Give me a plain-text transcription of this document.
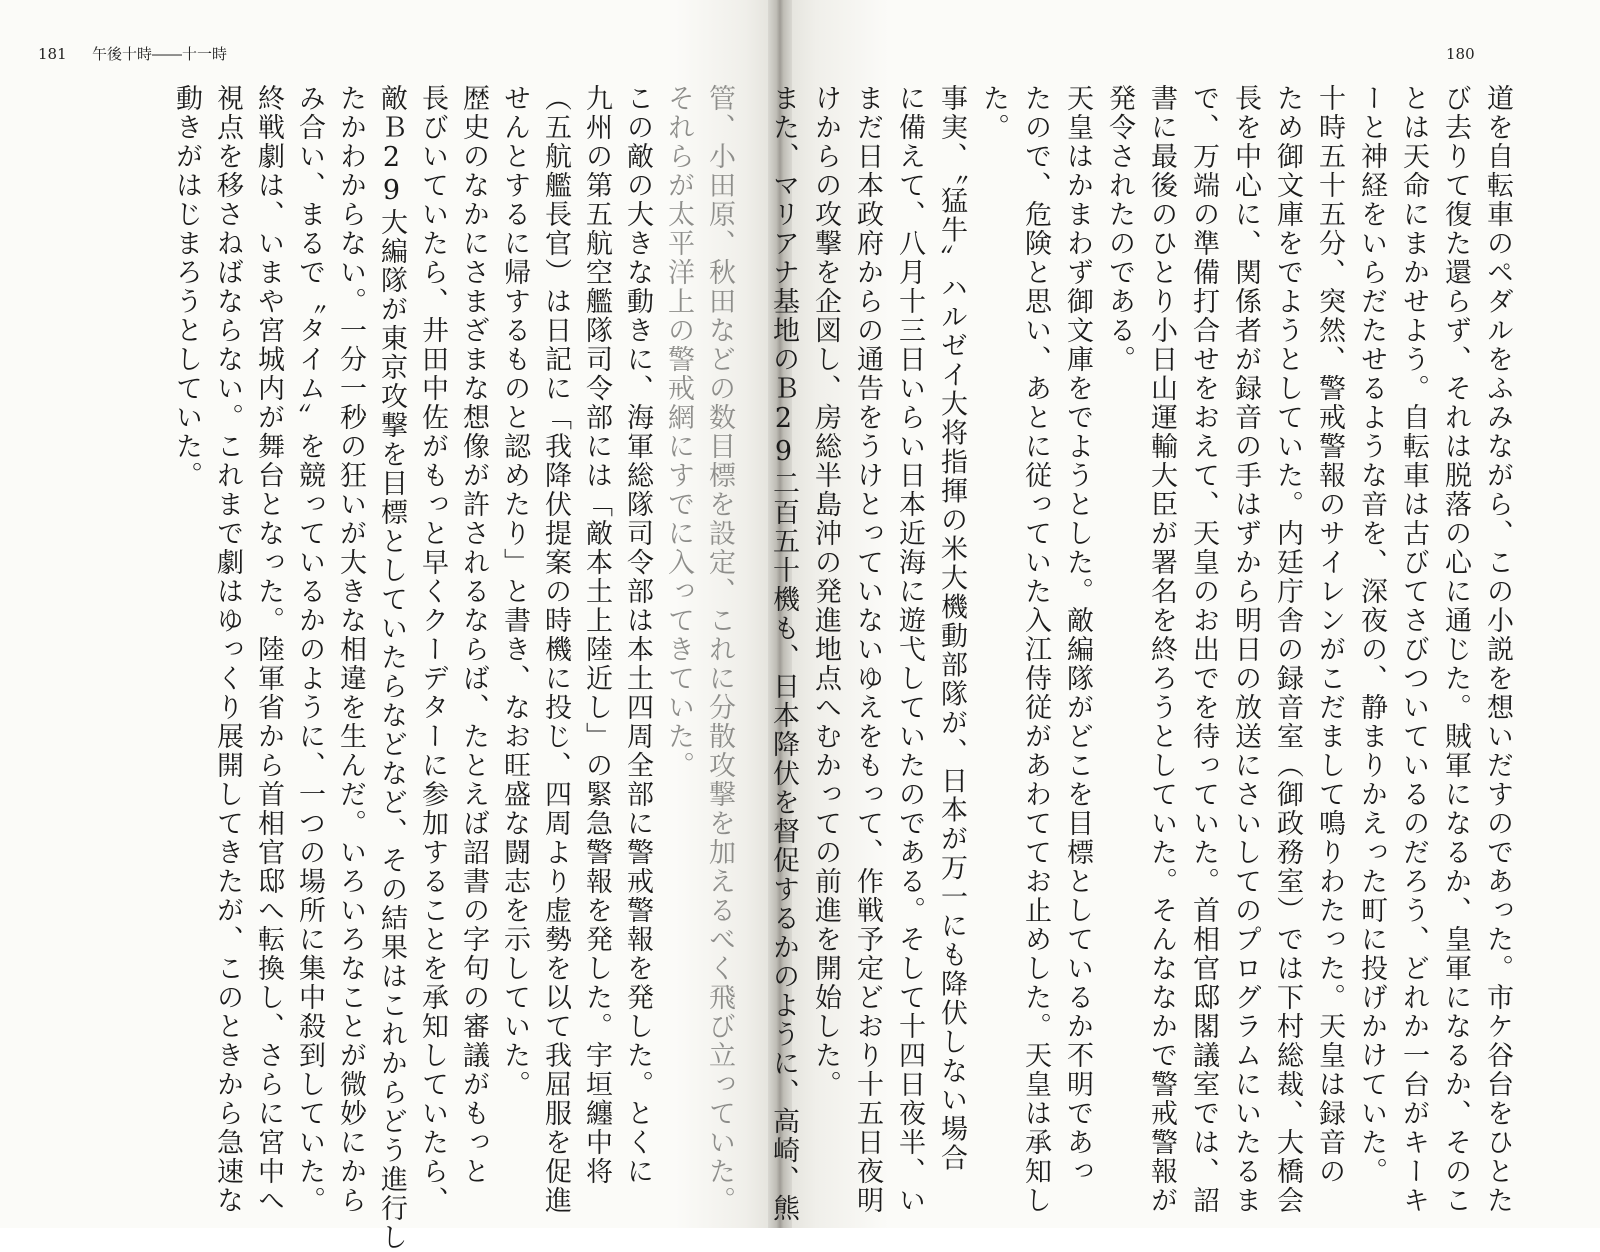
181 午後十時――十一時	180
道を自転車のペダルをふみながら、この小説を想いだすのであった。市ケ谷台をひとた
び去りて復た還らず、それは脱落の心に通じた。賊軍になるか、皇軍になるか、そのこ
とは天命にまかせよう。自転車は古びてさびついているのだろう、どれか一台がキーキ
ーと神経をいらだたせるような音を、深夜の、静まりかえった町に投げかけていた。
十時五十五分、突然、警戒警報のサイレンがこだまして鳴りわたった。天皇は録音の
ため御文庫をでようとしていた。内廷庁舎の録音室（御政務室）では下村総裁、大橋会
長を中心に、関係者が録音の手はずから明日の放送にさいしてのプログラムにいたるま
で、万端の準備打合せをおえて、天皇のお出でを待っていた。首相官邸閣議室では、詔
書に最後のひとり小日山運輸大臣が署名を終ろうとしていた。そんななかで警戒警報が
発令されたのである。
天皇はかまわず御文庫をでようとした。敵編隊がどこを目標としているか不明であっ
たので、危険と思い、あとに従っていた入江侍従があわててお止めした。天皇は承知し
た。
事実、〝猛牛〟ハルゼイ大将指揮の米大機動部隊が、日本が万一にも降伏しない場合
に備えて、八月十三日いらい日本近海に遊弋していたのである。そして十四日夜半、い
まだ日本政府からの通告をうけとっていないゆえをもって、作戦予定どおり十五日夜明
けからの攻撃を企図し、房総半島沖の発進地点へむかっての前進を開始した。
また、マリアナ基地のＢ29二百五十機も、日本降伏を督促するかのように、高崎、熊
管、小田原、秋田などの数目標を設定、これに分散攻撃を加えるべく飛び立っていた。
それらが太平洋上の警戒網にすでに入ってきていた。
この敵の大きな動きに、海軍総隊司令部は本土四周全部に警戒警報を発した。とくに
九州の第五航空艦隊司令部には「敵本土上陸近し」の緊急警報を発した。宇垣纏中将
（五航艦長官）は日記に「我降伏提案の時機に投じ、四周より虚勢を以て我屈服を促進
せんとするに帰するものと認めたり」と書き、なお旺盛な闘志を示していた。
歴史のなかにさまざまな想像が許されるならば、たとえば詔書の字句の審議がもっと
長びいていたら、井田中佐がもっと早くクーデターに参加することを承知していたら、
敵Ｂ29大編隊が東京攻撃を目標としていたらなどなど、その結果はこれからどう進行し
たかわからない。一分一秒の狂いが大きな相違を生んだ。いろいろなことが微妙にから
み合い、まるで〝タイム〟を競っているかのように、一つの場所に集中殺到していた。
終戦劇は、いまや宮城内が舞台となった。陸軍省から首相官邸へ転換し、さらに宮中へ
視点を移さねばならない。これまで劇はゆっくり展開してきたが、このときから急速な
動きがはじまろうとしていた。
